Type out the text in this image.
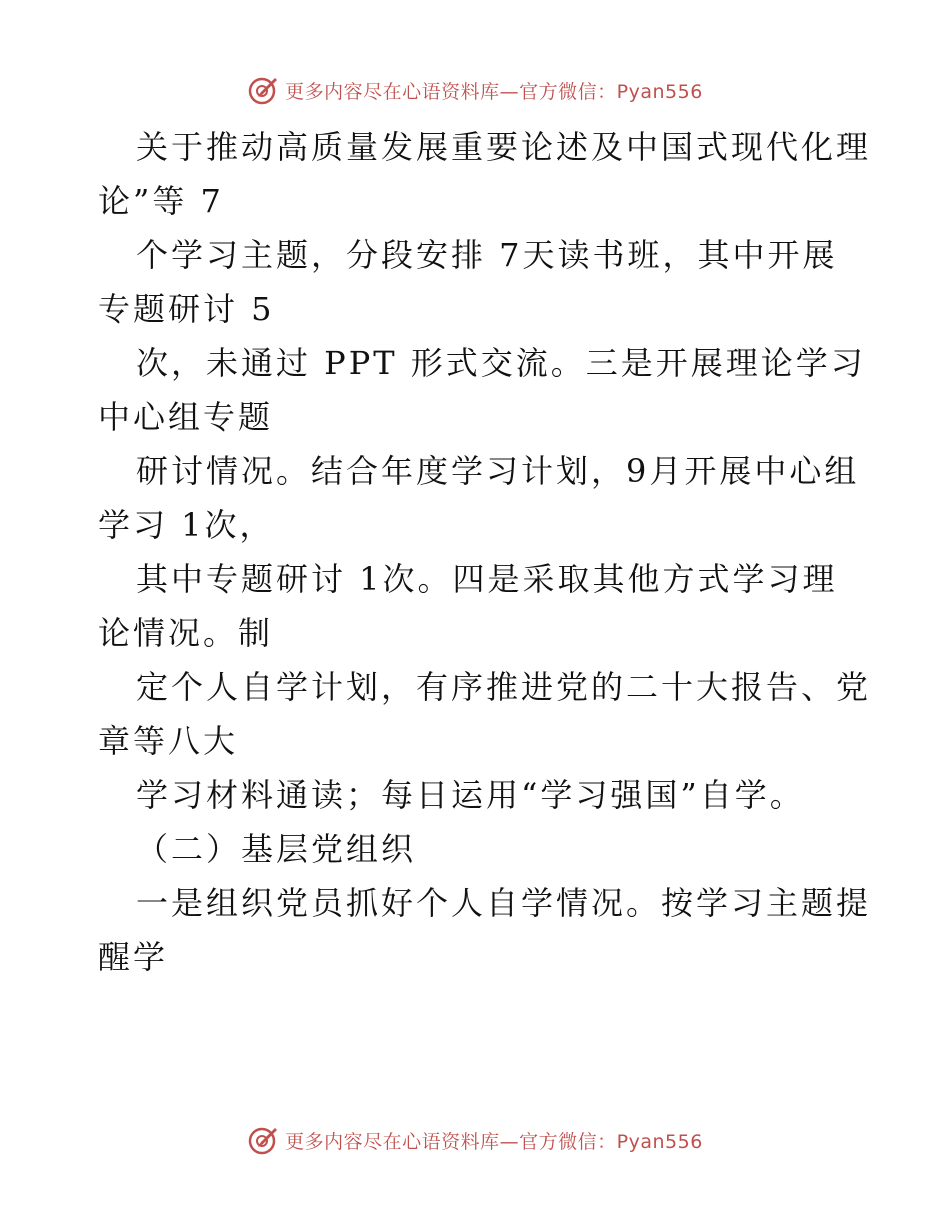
更多内容尽在心语资料库—官方微信：Pyan556
关于推动高质量发展重要论述及中国式现代化理
论”等 7
个学习主题，分段安排 7天读书班，其中开展
专题研讨 5
次，未通过 PPT 形式交流。三是开展理论学习
中心组专题
研讨情况。结合年度学习计划，9月开展中心组
学习 1次，
其中专题研讨 1次。四是采取其他方式学习理
论情况。制
定个人自学计划，有序推进党的二十大报告、党
章等八大
学习材料通读；每日运用“学习强国”自学。
（二）基层党组织
一是组织党员抓好个人自学情况。按学习主题提
醒学
更多内容尽在心语资料库—官方微信：Pyan556
